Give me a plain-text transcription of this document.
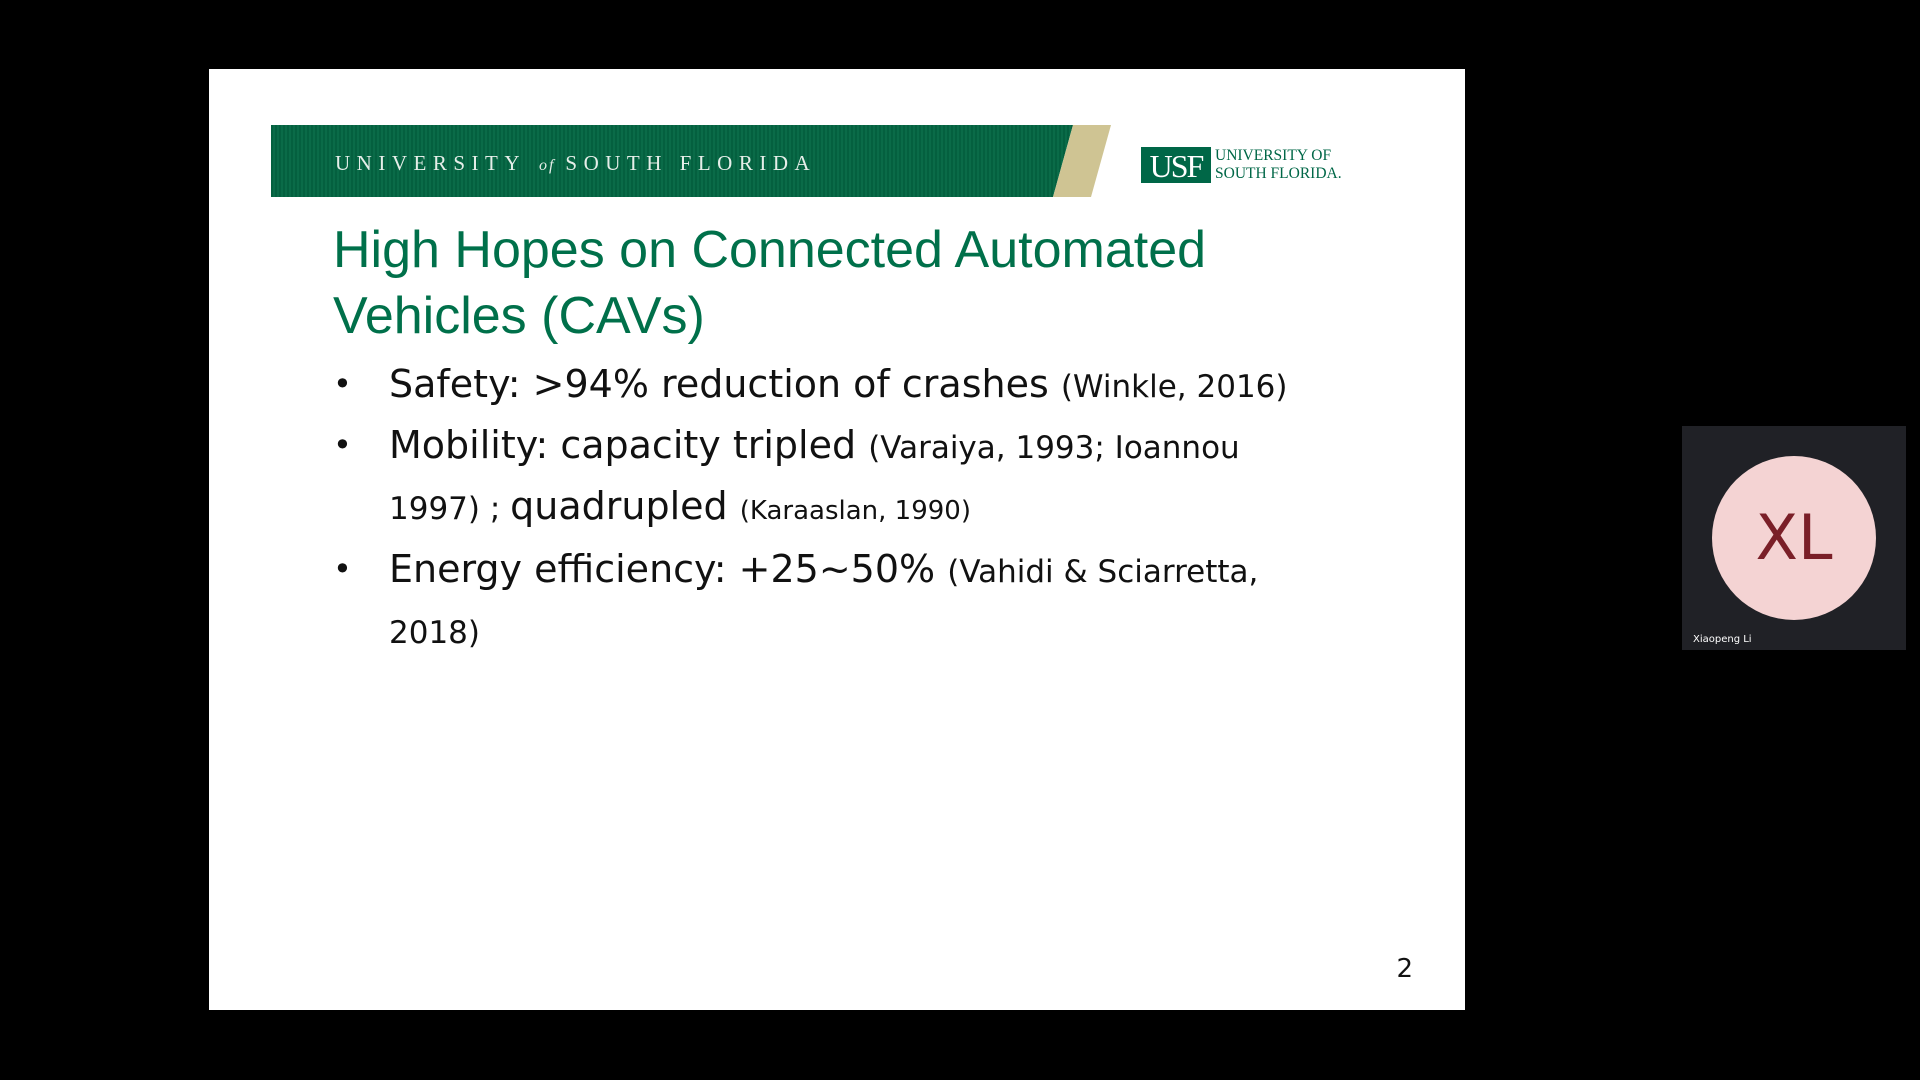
UNIVERSITY of SOUTH FLORIDA	USF UNIVERSITY OF
SOUTH FLORIDA.
High Hopes on Connected Automated
Vehicles (CAVs)
• Safety: >94% reduction of crashes (Winkle, 2016)
• Mobility: capacity tripled (Varaiya, 1993; Ioannou 1997) ; quadrupled (Karaaslan, 1990)
• Energy efficiency: +25~50% (Vahidi & Sciarretta, 2018)
2
XL
Xiaopeng Li
